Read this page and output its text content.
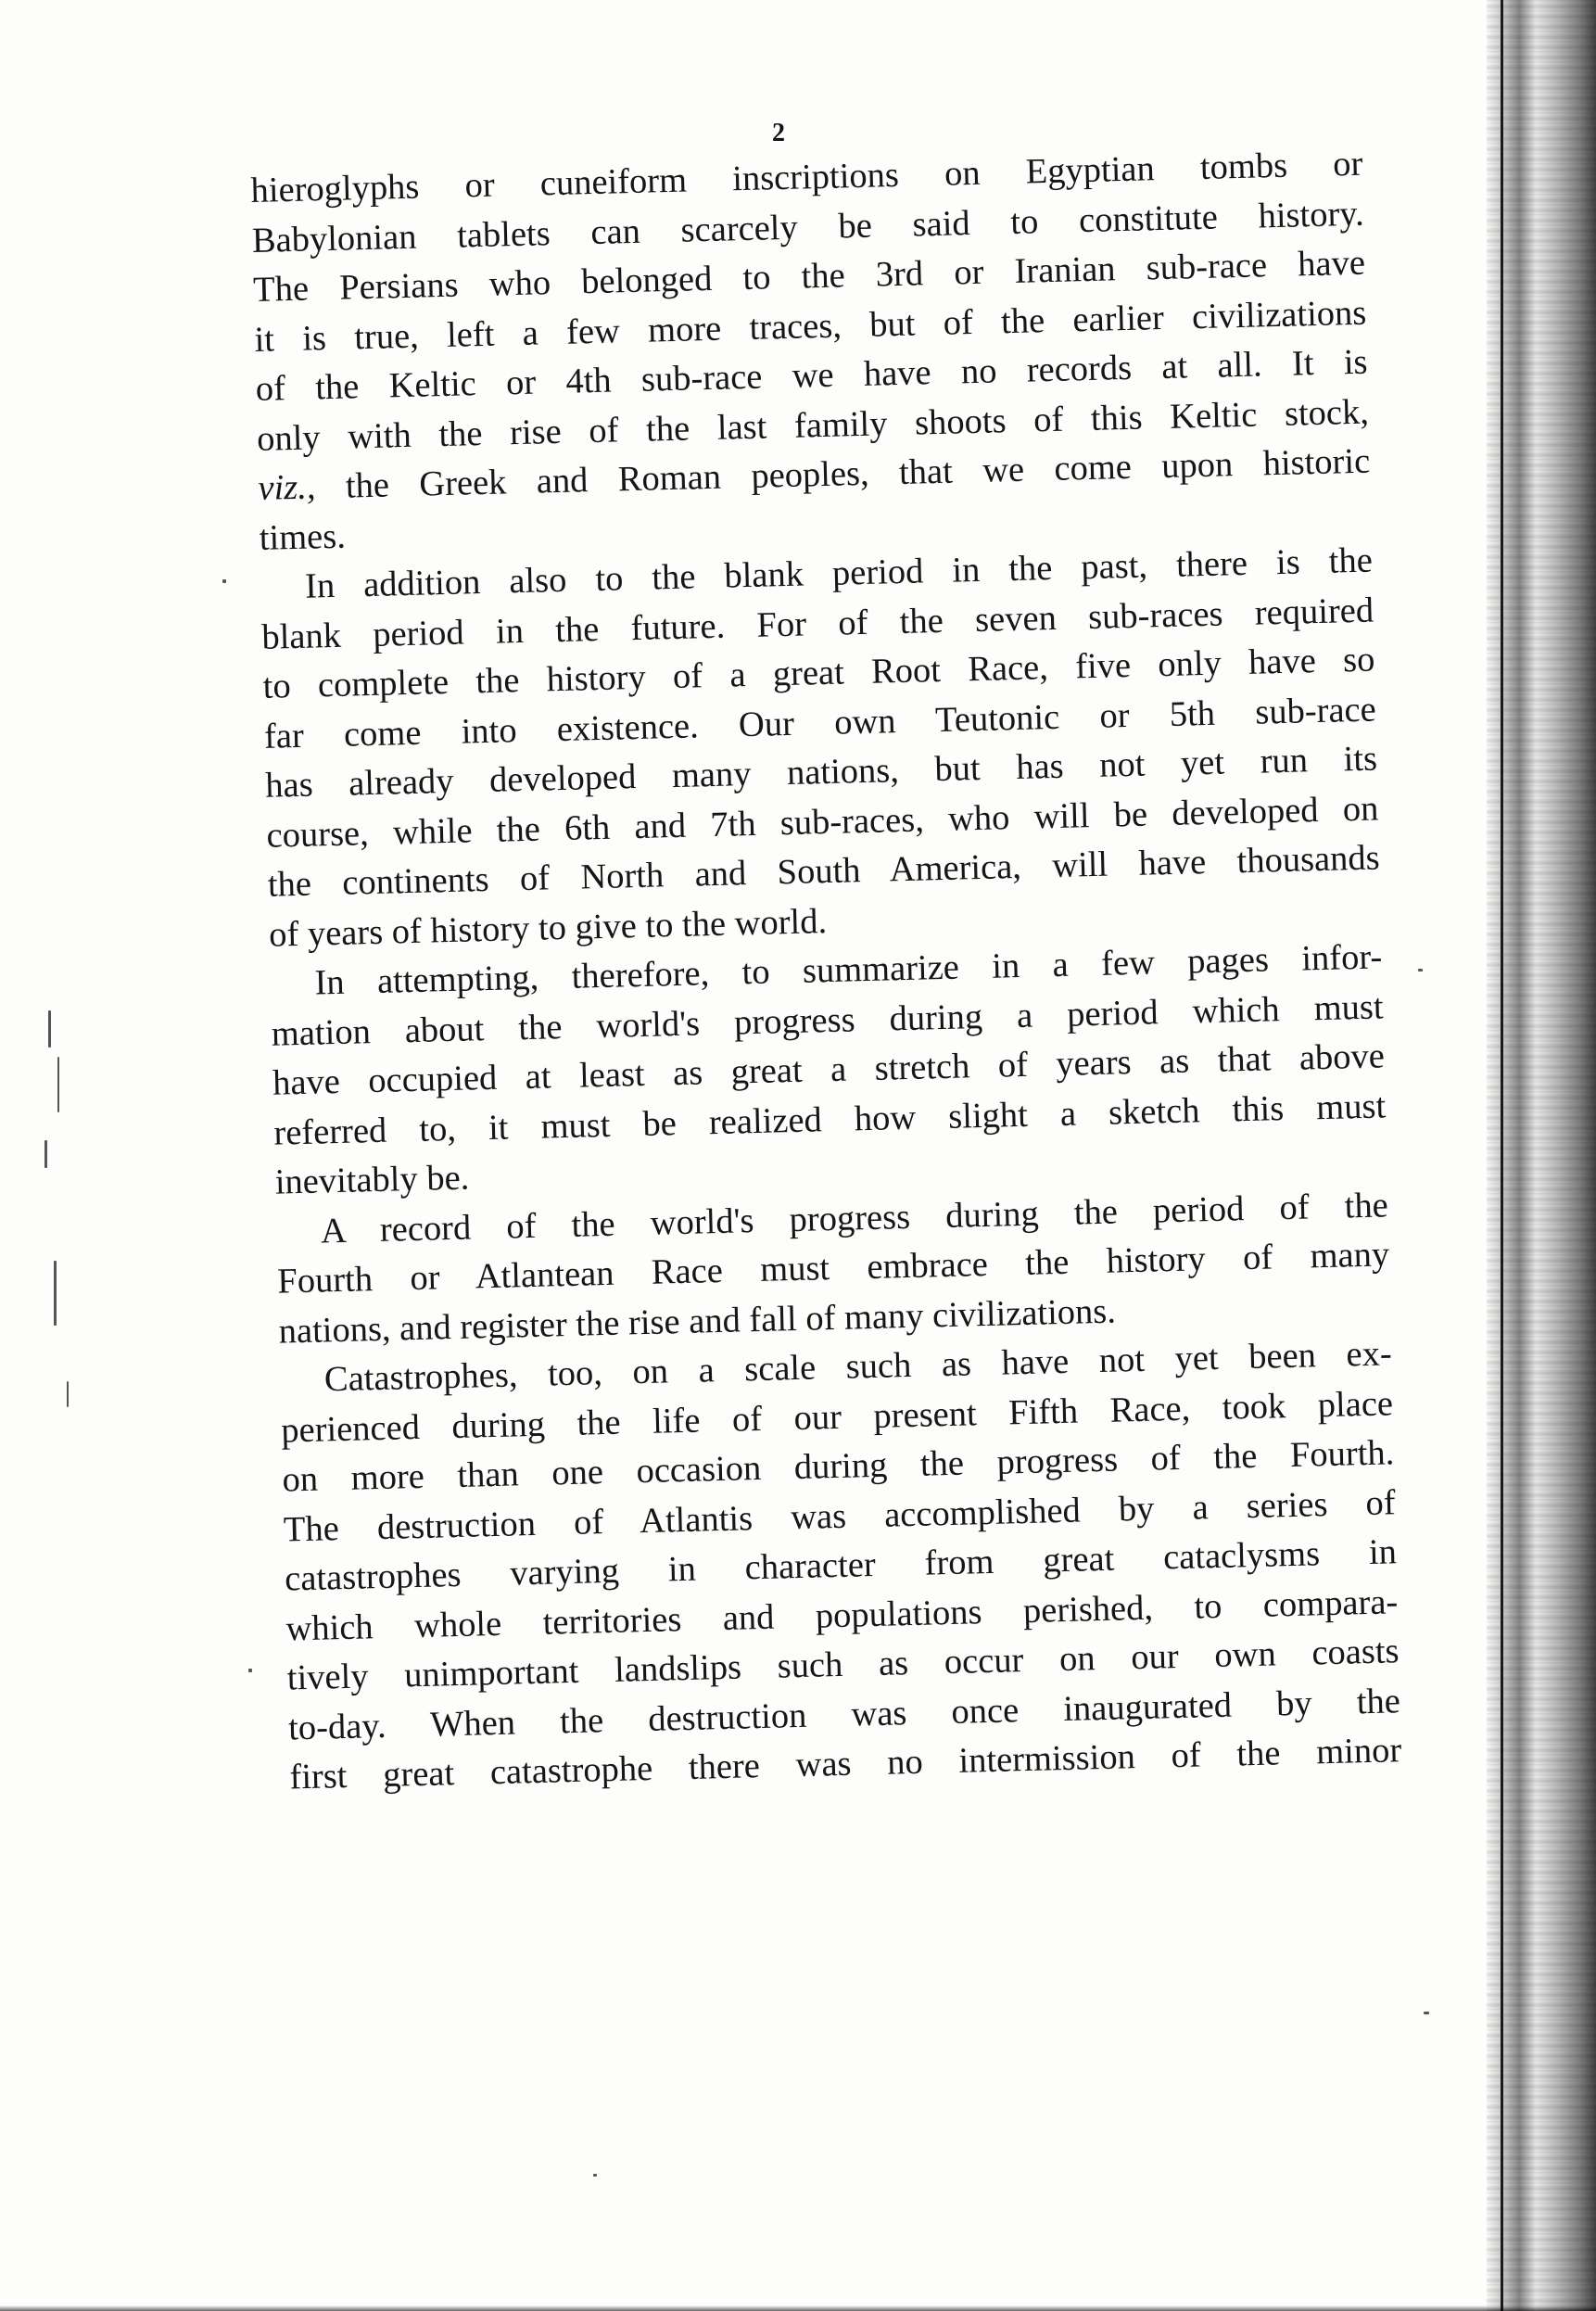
2
hieroglyphs or cuneiform inscriptions on Egyptian tombs or
Babylonian tablets can scarcely be said to constitute history.
The Persians who belonged to the 3rd or Iranian sub-race have
it is true, left a few more traces, but of the earlier civilizations
of the Keltic or 4th sub-race we have no records at all. It is
only with the rise of the last family shoots of this Keltic stock,
viz., the Greek and Roman peoples, that we come upon historic
times.
In addition also to the blank period in the past, there is the
blank period in the future. For of the seven sub-races required
to complete the history of a great Root Race, five only have so
far come into existence. Our own Teutonic or 5th sub-race
has already developed many nations, but has not yet run its
course, while the 6th and 7th sub-races, who will be developed on
the continents of North and South America, will have thousands
of years of history to give to the world.
In attempting, therefore, to summarize in a few pages infor-
mation about the world's progress during a period which must
have occupied at least as great a stretch of years as that above
referred to, it must be realized how slight a sketch this must
inevitably be.
A record of the world's progress during the period of the
Fourth or Atlantean Race must embrace the history of many
nations, and register the rise and fall of many civilizations.
Catastrophes, too, on a scale such as have not yet been ex-
perienced during the life of our present Fifth Race, took place
on more than one occasion during the progress of the Fourth.
The destruction of Atlantis was accomplished by a series of
catastrophes varying in character from great cataclysms in
which whole territories and populations perished, to compara-
tively unimportant landslips such as occur on our own coasts
to-day. When the destruction was once inaugurated by the
first great catastrophe there was no intermission of the minor
